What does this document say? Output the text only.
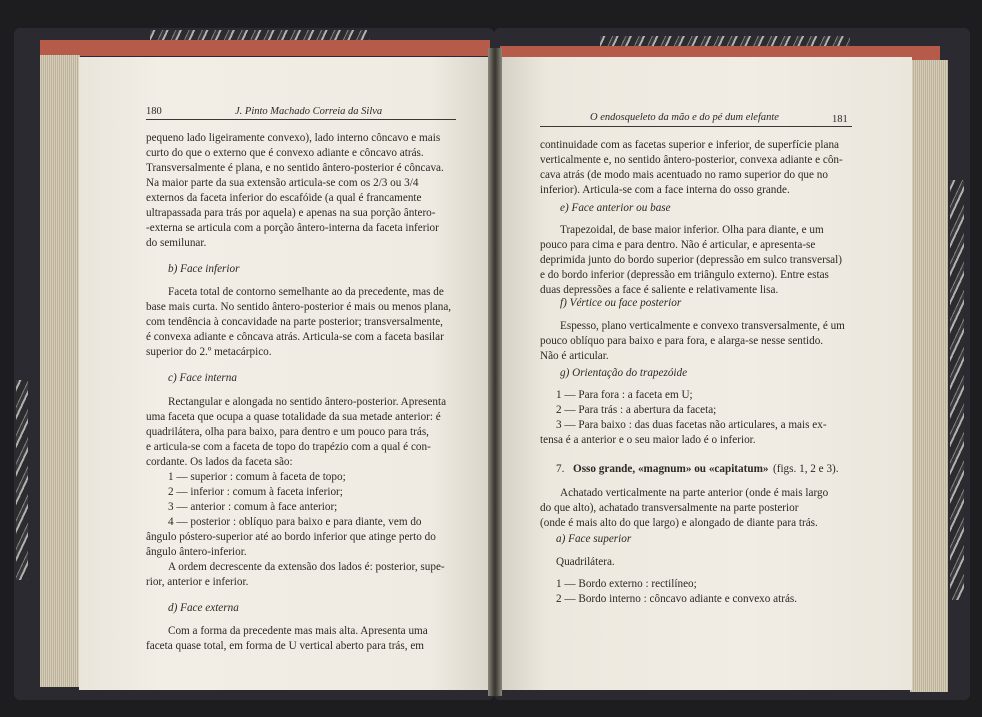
180	J. Pinto Machado Correia da Silva
pequeno lado ligeiramente convexo), lado interno côncavo e mais
curto do que o externo que é convexo adiante e côncavo atrás.
Transversalmente é plana, e no sentido ântero-posterior é côncava.
Na maior parte da sua extensão articula-se com os 2/3 ou 3/4
externos da faceta inferior do escafóide (a qual é francamente
ultrapassada para trás por aquela) e apenas na sua porção ântero-
-externa se articula com a porção ântero-interna da faceta inferior
do semilunar.
b) Face inferior
Faceta total de contorno semelhante ao da precedente, mas de
base mais curta. No sentido ântero-posterior é mais ou menos plana,
com tendência à concavidade na parte posterior; transversalmente,
é convexa adiante e côncava atrás. Articula-se com a faceta basilar
superior do 2.º metacárpico.
c) Face interna
Rectangular e alongada no sentido ântero-posterior. Apresenta
uma faceta que ocupa a quase totalidade da sua metade anterior: é
quadrilátera, olha para baixo, para dentro e um pouco para trás,
e articula-se com a faceta de topo do trapézio com a qual é con-
cordante. Os lados da faceta são:
1 — superior : comum à faceta de topo;
2 — inferior : comum à faceta inferior;
3 — anterior : comum à face anterior;
4 — posterior : oblíquo para baixo e para diante, vem do
ângulo póstero-superior até ao bordo inferior que atinge perto do
ângulo ântero-inferior.
A ordem decrescente da extensão dos lados é: posterior, supe-
rior, anterior e inferior.
d) Face externa
Com a forma da precedente mas mais alta. Apresenta uma
faceta quase total, em forma de U vertical aberto para trás, em
O endosqueleto da mão e do pé dum elefante	181
continuidade com as facetas superior e inferior, de superfície plana
verticalmente e, no sentido ântero-posterior, convexa adiante e côn-
cava atrás (de modo mais acentuado no ramo superior do que no
inferior). Articula-se com a face interna do osso grande.
e) Face anterior ou base
Trapezoidal, de base maior inferior. Olha para diante, e um
pouco para cima e para dentro. Não é articular, e apresenta-se
deprimida junto do bordo superior (depressão em sulco transversal)
e do bordo inferior (depressão em triângulo externo). Entre estas
duas depressões a face é saliente e relativamente lisa.
f) Vértice ou face posterior
Espesso, plano verticalmente e convexo transversalmente, é um
pouco oblíquo para baixo e para fora, e alarga-se nesse sentido.
Não é articular.
g) Orientação do trapezóide
1 — Para fora : a faceta em U;
2 — Para trás : a abertura da faceta;
3 — Para baixo : das duas facetas não articulares, a mais ex-
tensa é a anterior e o seu maior lado é o inferior.
7. Osso grande, «magnum» ou «capitatum» (figs. 1, 2 e 3).
Achatado verticalmente na parte anterior (onde é mais largo
do que alto), achatado transversalmente na parte posterior
(onde é mais alto do que largo) e alongado de diante para trás.
a) Face superior
Quadrilátera.
1 — Bordo externo : rectilíneo;
2 — Bordo interno : côncavo adiante e convexo atrás.
